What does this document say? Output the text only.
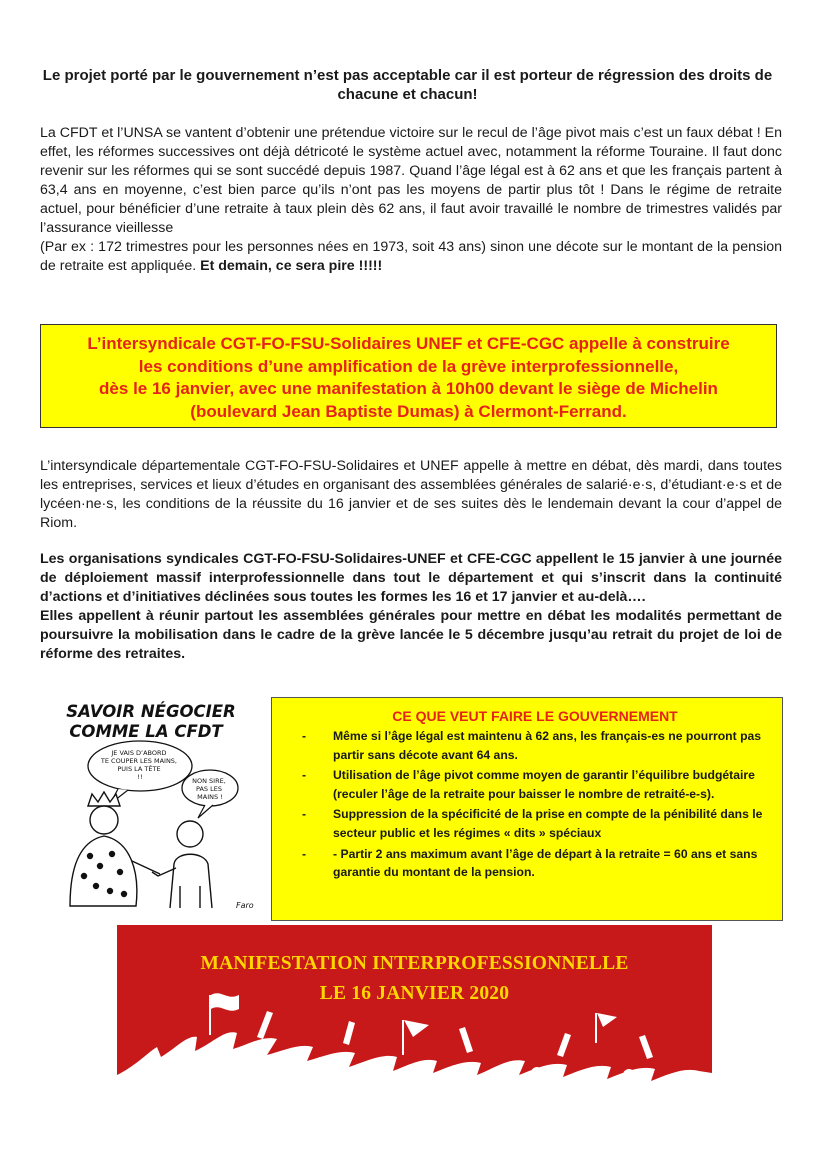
Le projet porté par le gouvernement n’est pas acceptable car il est porteur de régression des droits de chacune et chacun!

La CFDT et l’UNSA se vantent d’obtenir une prétendue victoire sur le recul de l’âge pivot mais c’est un faux débat ! En effet, les réformes successives ont déjà détricoté le système actuel avec, notamment la réforme Touraine. Il faut donc revenir sur les réformes qui se sont succédé depuis 1987. Quand l’âge légal est à 62 ans et que les français partent à 63,4 ans en moyenne, c’est bien parce qu’ils n’ont pas les moyens de partir plus tôt ! Dans le régime de retraite actuel, pour bénéficier d’une retraite à taux plein dès 62 ans, il faut avoir travaillé le nombre de trimestres validés par l’assurance vieillesse
(Par ex : 172 trimestres pour les personnes nées en 1973, soit 43 ans) sinon une décote sur le montant de la pension de retraite est appliquée. Et demain, ce sera pire !!!!!

L’intersyndicale CGT-FO-FSU-Solidaires UNEF et CFE-CGC appelle à construire
les conditions d’une amplification de la grève interprofessionnelle,
dès le 16 janvier, avec une manifestation à 10h00 devant le siège de Michelin
(boulevard Jean Baptiste Dumas) à Clermont-Ferrand.
L’intersyndicale départementale CGT-FO-FSU-Solidaires et UNEF appelle à mettre en débat, dès mardi, dans toutes les entreprises, services et lieux d’études en organisant des assemblées générales de salarié·e·s, d’étudiant·e·s et de lycéen·ne·s, les conditions de la réussite du 16 janvier et de ses suites dès le lendemain devant la cour d’appel de Riom.

Les organisations syndicales CGT-FO-FSU-Solidaires-UNEF et CFE-CGC appellent le 15 janvier à une journée de déploiement massif interprofessionnelle dans tout le département et qui s’inscrit dans la continuité d’actions et d’initiatives déclinées sous toutes les formes les 16 et 17 janvier et au-delà….

Elles appellent à réunir partout les assemblées générales pour mettre en débat les modalités permettant de poursuivre la mobilisation dans le cadre de la grève lancée le 5 décembre jusqu’au retrait du projet de loi de réforme des retraites.

SAVOIR NÉGOCIER
COMME LA CFDT
JE VAIS D’ABORD TE COUPER LES MAINS, PUIS LA TÊTE !!	NON SIRE, PAS LES MAINS !
Faro
CE QUE VEUT FAIRE LE GOUVERNEMENT
- Même si l’âge légal est maintenu à 62 ans, les français-es ne pourront pas partir sans décote avant 64 ans.
- Utilisation de l’âge pivot comme moyen de garantir l’équilibre budgétaire (reculer l’âge de la retraite pour baisser le nombre de retraité-e-s).
- Suppression de la spécificité de la prise en compte de la pénibilité dans le secteur public et les régimes « dits » spéciaux
- - Partir 2 ans maximum avant l’âge de départ à la retraite = 60 ans et sans garantie du montant de la pension.
MANIFESTATION INTERPROFESSIONNELLE
LE 16 JANVIER 2020
